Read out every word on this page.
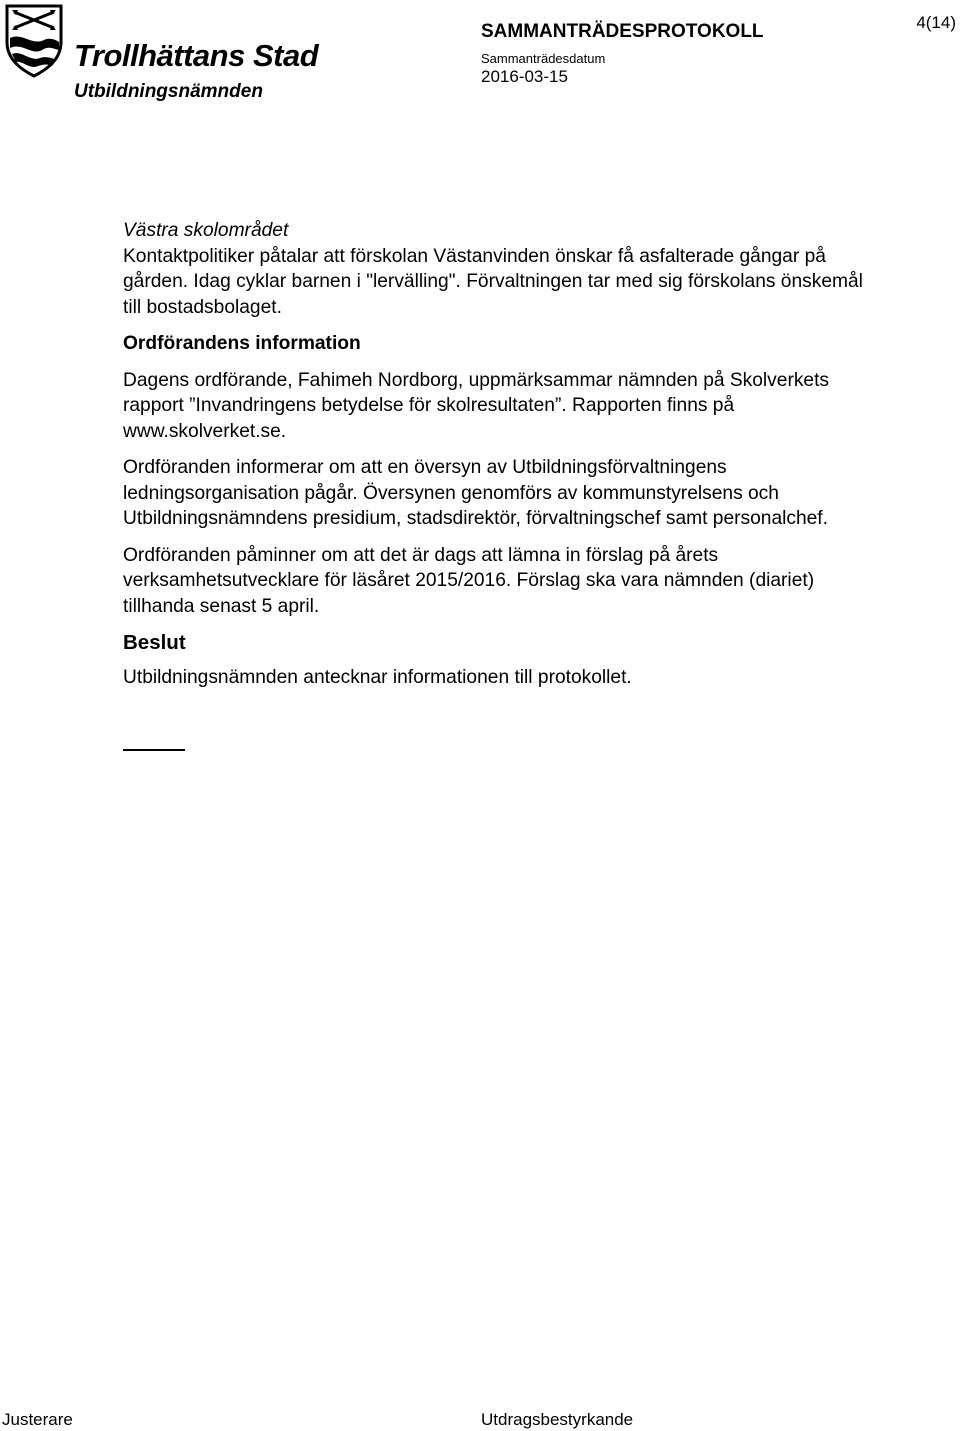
Trollhättans Stad
Utbildningsnämnden
SAMMANTRÄDESPROTOKOLL
Sammanträdesdatum
2016-03-15
4(14)

Västra skolområdet

Kontaktpolitiker påtalar att förskolan Västanvinden önskar få asfalterade gångar på gården. Idag cyklar barnen i "lervälling". Förvaltningen tar med sig förskolans önskemål till bostadsbolaget.

Ordförandens information

Dagens ordförande, Fahimeh Nordborg, uppmärksammar nämnden på Skolverkets rapport ”Invandringens betydelse för skolresultaten”. Rapporten finns på www.skolverket.se.

Ordföranden informerar om att en översyn av Utbildningsförvaltningens ledningsorganisation pågår. Översynen genomförs av kommunstyrelsens och Utbildningsnämndens presidium, stadsdirektör, förvaltningschef samt personalchef.

Ordföranden påminner om att det är dags att lämna in förslag på årets verksamhetsutvecklare för läsåret 2015/2016. Förslag ska vara nämnden (diariet) tillhanda senast 5 april.

Beslut

Utbildningsnämnden antecknar informationen till protokollet.

Justerare	Utdragsbestyrkande
